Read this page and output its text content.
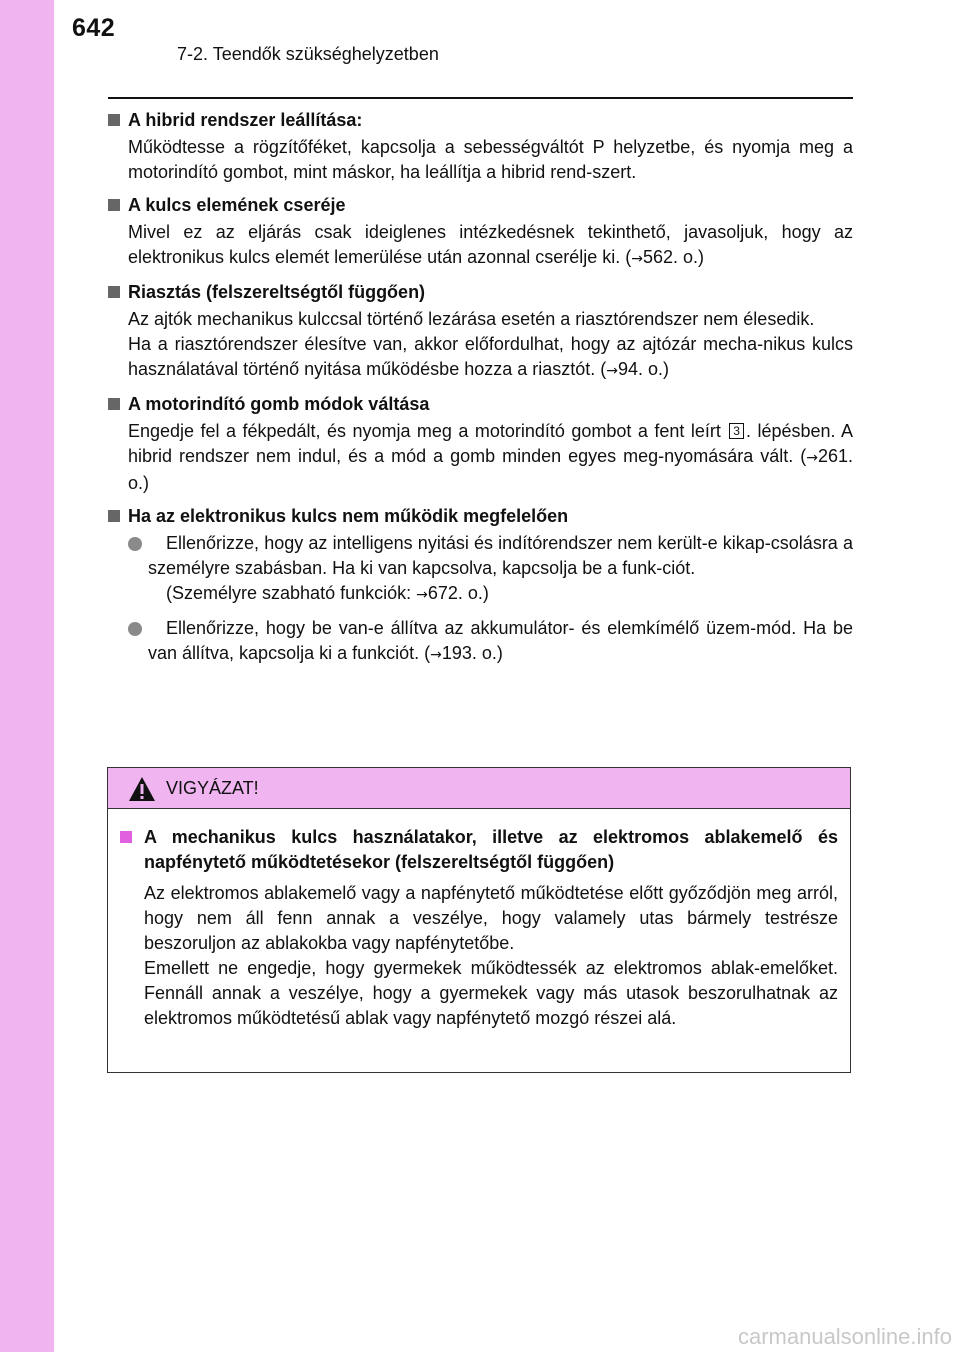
642
7-2. Teendők szükséghelyzetben
A hibrid rendszer leállítása:
Működtesse a rögzítőféket, kapcsolja a sebességváltót P helyzetbe, és nyomja meg a motorindító gombot, mint máskor, ha leállítja a hibrid rend-szert.
A kulcs elemének cseréje
Mivel ez az eljárás csak ideiglenes intézkedésnek tekinthető, javasoljuk, hogy az elektronikus kulcs elemét lemerülése után azonnal cserélje ki. (→562. o.)
Riasztás (felszereltségtől függően)
Az ajtók mechanikus kulccsal történő lezárása esetén a riasztórendszer nem élesedik.
Ha a riasztórendszer élesítve van, akkor előfordulhat, hogy az ajtózár mecha-nikus kulcs használatával történő nyitása működésbe hozza a riasztót. (→94. o.)
A motorindító gomb módok váltása
Engedje fel a fékpedált, és nyomja meg a motorindító gombot a fent leírt 3 . lépésben. A hibrid rendszer nem indul, és a mód a gomb minden egyes meg-nyomására vált. (→261. o.)
Ha az elektronikus kulcs nem működik megfelelően
Ellenőrizze, hogy az intelligens nyitási és indítórendszer nem került-e kikap-csolásra a személyre szabásban. Ha ki van kapcsolva, kapcsolja be a funk-ciót.
(Személyre szabható funkciók: →672. o.)
Ellenőrizze, hogy be van-e állítva az akkumulátor- és elemkímélő üzem-mód. Ha be van állítva, kapcsolja ki a funkciót. (→193. o.)
VIGYÁZAT!
A mechanikus kulcs használatakor, illetve az elektromos ablakemelő és napfénytető működtetésekor (felszereltségtől függően)
Az elektromos ablakemelő vagy a napfénytető működtetése előtt győződjön meg arról, hogy nem áll fenn annak a veszélye, hogy valamely utas bármely testrésze beszoruljon az ablakokba vagy napfénytetőbe.
Emellett ne engedje, hogy gyermekek működtessék az elektromos ablak-emelőket. Fennáll annak a veszélye, hogy a gyermekek vagy más utasok beszorulhatnak az elektromos működtetésű ablak vagy napfénytető mozgó részei alá.
carmanualsonline.info
